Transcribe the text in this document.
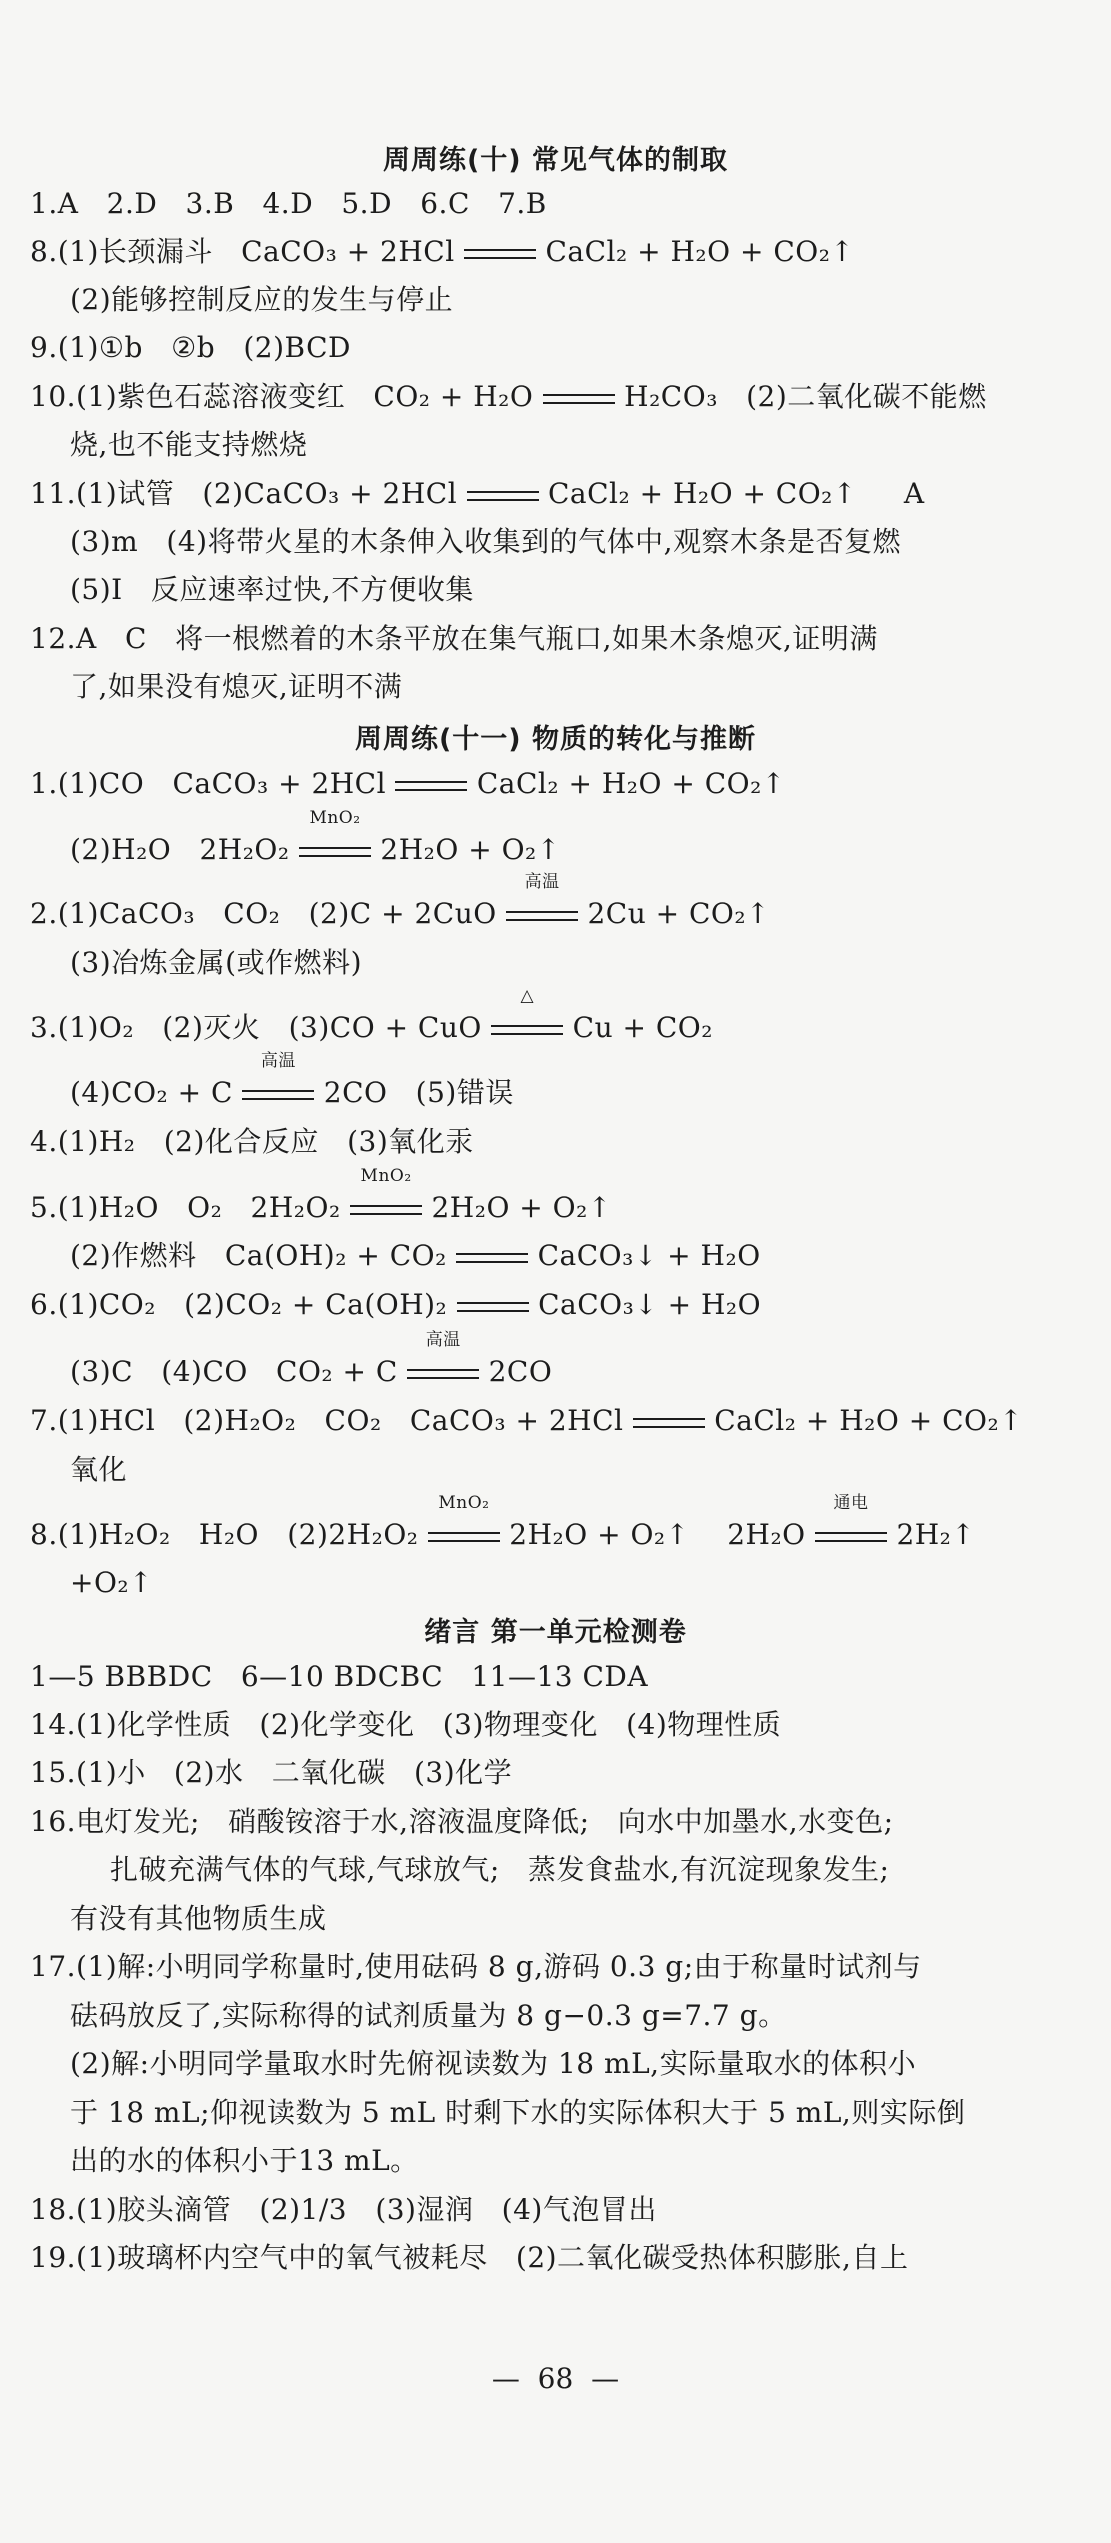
周周练(十) 常见气体的制取
1.A   2.D   3.B   4.D   5.D   6.C   7.B
8.(1)长颈漏斗   CaCO₃ + 2HCl	CaCl₂ + H₂O + CO₂↑
(2)能够控制反应的发生与停止
9.(1)①b   ②b   (2)BCD
10.(1)紫色石蕊溶液变红   CO₂ + H₂O	H₂CO₃   (2)二氧化碳不能燃
烧,也不能支持燃烧
11.(1)试管   (2)CaCO₃ + 2HCl	CaCl₂ + H₂O + CO₂↑     A
(3)m   (4)将带火星的木条伸入收集到的气体中,观察木条是否复燃
(5)Ⅰ   反应速率过快,不方便收集
12.A   C   将一根燃着的木条平放在集气瓶口,如果木条熄灭,证明满
了,如果没有熄灭,证明不满
周周练(十一) 物质的转化与推断
1.(1)CO   CaCO₃ + 2HCl	CaCl₂ + H₂O + CO₂↑
(2)H₂O   2H₂O₂
MnO₂
2H₂O + O₂↑
2.(1)CaCO₃   CO₂   (2)C + 2CuO
高温
2Cu + CO₂↑
(3)冶炼金属(或作燃料)
3.(1)O₂   (2)灭火   (3)CO + CuO
△
Cu + CO₂
(4)CO₂ + C
高温
2CO   (5)错误
4.(1)H₂   (2)化合反应   (3)氧化汞
5.(1)H₂O   O₂   2H₂O₂
MnO₂
2H₂O + O₂↑
(2)作燃料   Ca(OH)₂ + CO₂	CaCO₃↓ + H₂O
6.(1)CO₂   (2)CO₂ + Ca(OH)₂	CaCO₃↓ + H₂O
(3)C   (4)CO   CO₂ + C
高温
2CO
7.(1)HCl   (2)H₂O₂   CO₂   CaCO₃ + 2HCl	CaCl₂ + H₂O + CO₂↑
氧化
8.(1)H₂O₂   H₂O   (2)2H₂O₂
MnO₂
2H₂O + O₂↑    2H₂O
通电
2H₂↑
+O₂↑
绪言 第一单元检测卷
1—5 BBBDC   6—10 BDCBC   11—13 CDA
14.(1)化学性质   (2)化学变化   (3)物理变化   (4)物理性质
15.(1)小   (2)水   二氧化碳   (3)化学
16.电灯发光;   硝酸铵溶于水,溶液温度降低;   向水中加墨水,水变色;
扎破充满气体的气球,气球放气;   蒸发食盐水,有沉淀现象发生;
有没有其他物质生成
17.(1)解:小明同学称量时,使用砝码 8 g,游码 0.3 g;由于称量时试剂与
砝码放反了,实际称得的试剂质量为 8 g−0.3 g=7.7 g。
(2)解:小明同学量取水时先俯视读数为 18 mL,实际量取水的体积小
于 18 mL;仰视读数为 5 mL 时剩下水的实际体积大于 5 mL,则实际倒
出的水的体积小于13 mL。
18.(1)胶头滴管   (2)1/3   (3)湿润   (4)气泡冒出
19.(1)玻璃杯内空气中的氧气被耗尽   (2)二氧化碳受热体积膨胀,自上
—  68  —
